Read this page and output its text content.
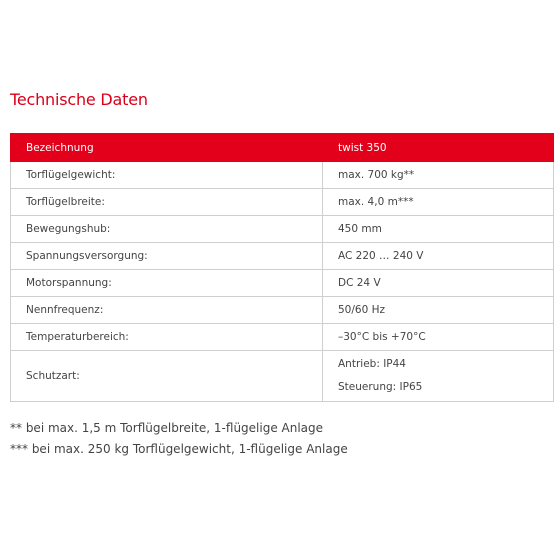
Technische Daten
Bezeichnung	twist 350
Torflügelgewicht:	max. 700 kg**
Torflügelbreite:	max. 4,0 m***
Bewegungshub:	450 mm
Spannungsversorgung:	AC 220 … 240 V
Motorspannung:	DC 24 V
Nennfrequenz:	50/60 Hz
Temperaturbereich:	–30°C bis +70°C
Schutzart:	Antrieb: IP44
Steuerung: IP65
** bei max. 1,5 m Torflügelbreite, 1-flügelige Anlage
*** bei max. 250 kg Torflügelgewicht, 1-flügelige Anlage
